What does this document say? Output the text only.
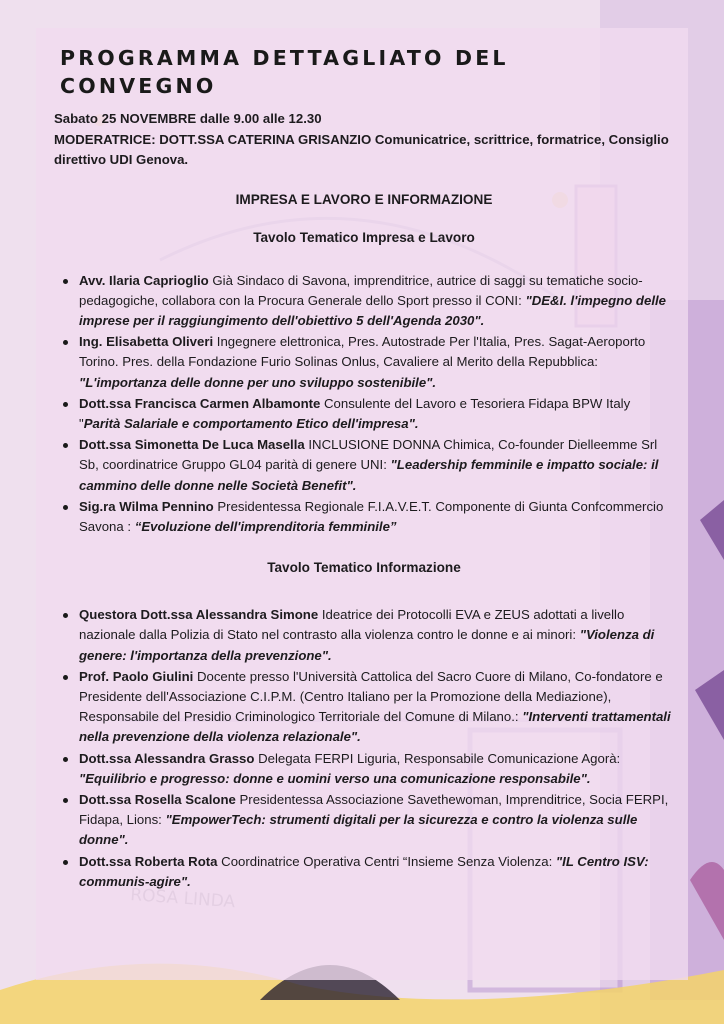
PROGRAMMA DETTAGLIATO DEL CONVEGNO
Sabato 25 NOVEMBRE dalle 9.00 alle 12.30
MODERATRICE: DOTT.SSA CATERINA GRISANZIO Comunicatrice, scrittrice, formatrice, Consiglio direttivo UDI Genova.
IMPRESA E LAVORO E INFORMAZIONE
Tavolo Tematico Impresa e Lavoro
Avv. Ilaria Caprioglio Già Sindaco di Savona, imprenditrice, autrice di saggi su tematiche socio-pedagogiche, collabora con la Procura Generale dello Sport presso il CONI: "DE&I. l'impegno delle imprese per il raggiungimento dell'obiettivo 5 dell'Agenda 2030".
Ing. Elisabetta Oliveri Ingegnere elettronica, Pres. Autostrade Per l'Italia, Pres. Sagat-Aeroporto Torino. Pres. della Fondazione Furio Solinas Onlus, Cavaliere al Merito della Repubblica: "L'importanza delle donne per uno sviluppo sostenibile".
Dott.ssa Francisca Carmen Albamonte Consulente del Lavoro e Tesoriera Fidapa BPW Italy "Parità Salariale e comportamento Etico dell'impresa".
Dott.ssa Simonetta De Luca Masella INCLUSIONE DONNA Chimica, Co-founder Dielleemme Srl Sb, coordinatrice Gruppo GL04 parità di genere UNI: "Leadership femminile e impatto sociale: il cammino delle donne nelle Società Benefit".
Sig.ra Wilma Pennino Presidentessa Regionale F.I.A.V.E.T. Componente di Giunta Confcommercio Savona : “Evoluzione dell'imprenditoria femminile”
Tavolo Tematico Informazione
Questora Dott.ssa Alessandra Simone Ideatrice dei Protocolli EVA e ZEUS adottati a livello nazionale dalla Polizia di Stato nel contrasto alla violenza contro le donne e ai minori: "Violenza di genere: l'importanza della prevenzione".
Prof. Paolo Giulini Docente presso l'Università Cattolica del Sacro Cuore di Milano, Co-fondatore e Presidente dell'Associazione C.I.P.M. (Centro Italiano per la Promozione della Mediazione), Responsabile del Presidio Criminologico Territoriale del Comune di Milano.: "Interventi trattamentali nella prevenzione della violenza relazionale".
Dott.ssa Alessandra Grasso Delegata FERPI Liguria, Responsabile Comunicazione Agorà: "Equilibrio e progresso: donne e uomini verso una comunicazione responsabile".
Dott.ssa Rosella Scalone Presidentessa Associazione Savethewoman, Imprenditrice, Socia FERPI, Fidapa, Lions: "EmpowerTech: strumenti digitali per la sicurezza e contro la violenza sulle donne".
Dott.ssa Roberta Rota Coordinatrice Operativa Centri “Insieme Senza Violenza: "IL Centro ISV: communis-agire".
